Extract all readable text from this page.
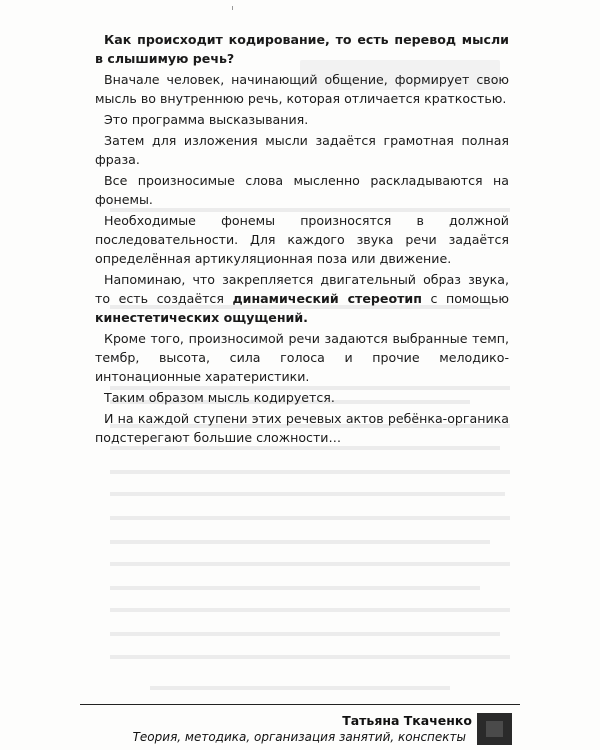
Как происходит кодирование, то есть перевод мысли в слышимую речь?

Вначале человек, начинающий общение, формирует свою мысль во внутреннюю речь, которая отличается краткостью.

Это программа высказывания.

Затем для изложения мысли задаётся грамотная полная фраза.

Все произносимые слова мысленно раскладываются на фонемы.

Необходимые фонемы произносятся в должной последовательности. Для каждого звука речи задаётся определённая артикуляционная поза или движение.

Напоминаю, что закрепляется двигательный образ звука, то есть создаётся динамический стереотип с помощью кинестетических ощущений.

Кроме того, произносимой речи задаются выбранные темп, тембр, высота, сила голоса и прочие мелодико-интонационные харатеристики.

Таким образом мысль кодируется.

И на каждой ступени этих речевых актов ребёнка-органика подстерегают большие сложности…

Татьяна Ткаченко
Теория, методика, организация занятий, конспекты
